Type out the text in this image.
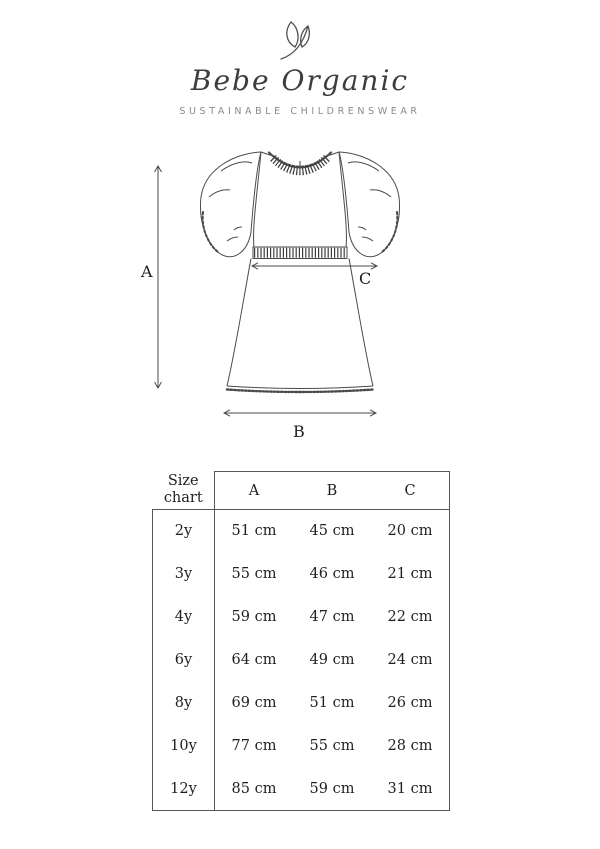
Bebe Organic
SUSTAINABLE CHILDRENSWEAR
A	C
B
Size chart	A	B	C
2y	51 cm	45 cm	20 cm
3y	55 cm	46 cm	21 cm
4y	59 cm	47 cm	22 cm
6y	64 cm	49 cm	24 cm
8y	69 cm	51 cm	26 cm
10y	77 cm	55 cm	28 cm
12y	85 cm	59 cm	31 cm
